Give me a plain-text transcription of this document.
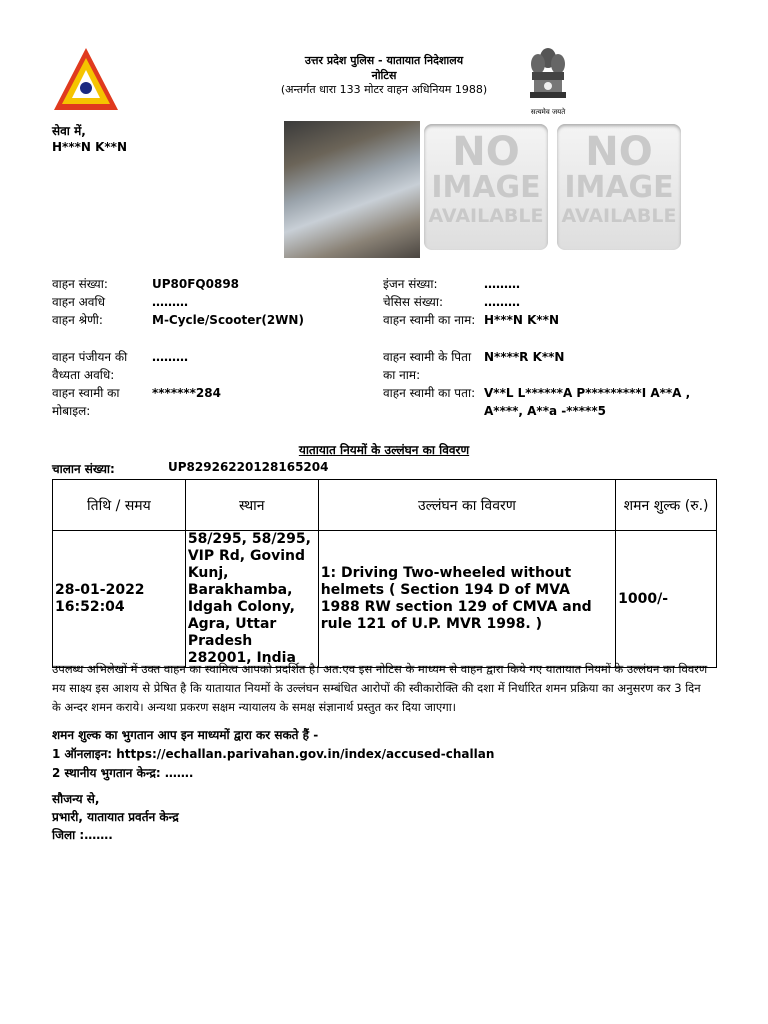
उत्तर प्रदेश पुलिस - यातायात निदेशालय
नोटिस
(अन्तर्गत धारा 133 मोटर वाहन अधिनियम 1988)
सत्यमेव जयते
सेवा में,
H***N K**N	NO
IMAGE
AVAILABLE
NO
IMAGE
AVAILABLE
वाहन संख्या:	UP80FQ0898
वाहन अवधि	………
वाहन श्रेणी:	M-Cycle/Scooter(2WN)
वाहन पंजीयन की वैध्यता अवधि:
………
वाहन स्वामी का मोबाइल:
*******284
इंजन संख्या:	………
चेसिस संख्या:	………
वाहन स्वामी का नाम: H***N K**N
वाहन स्वामी के पिता का नाम:
N****R K**N
वाहन स्वामी का पता: V**L L******A P*********I A**A , A****, A**a -*****5
यातायात नियमों के उल्लंघन का विवरण
चालान संख्या:	UP82926220128165204
तिथि / समय	स्थान	उल्लंघन का विवरण	शमन शुल्क (रु.)
28-01-2022 16:52:04	58/295, 58/295, VIP Rd, Govind Kunj, Barakhamba, Idgah Colony, Agra, Uttar Pradesh 282001, India	1: Driving Two-wheeled without helmets ( Section 194 D of MVA 1988 RW section 129 of CMVA and rule 121 of U.P. MVR 1998. )	1000/-
उपलब्ध अभिलेखों में उक्त वाहन का स्वामित्व आपको प्रदर्शित है। अत:एव इस नोटिस के माध्यम से वाहन द्वारा किये गए यातायात नियमों के उल्लंघन का विवरण मय साक्ष्य इस आशय से प्रेषित है कि यातायात नियमों के उल्लंघन सम्बंधित आरोपों की स्वीकारोक्ति की दशा में निर्धारित शमन प्रक्रिया का अनुसरण कर 3 दिन के अन्दर शमन कराये। अन्यथा प्रकरण सक्षम न्यायालय के समक्ष संज्ञानार्थ प्रस्तुत कर दिया जाएगा।
शमन शुल्क का भुगतान आप इन माध्यमों द्वारा कर सकते हैं -
1 ऑनलाइन: https://echallan.parivahan.gov.in/index/accused-challan
2 स्थानीय भुगतान केन्द्र: …….
सौजन्य से,
प्रभारी, यातायात प्रवर्तन केन्द्र
जिला :…….
